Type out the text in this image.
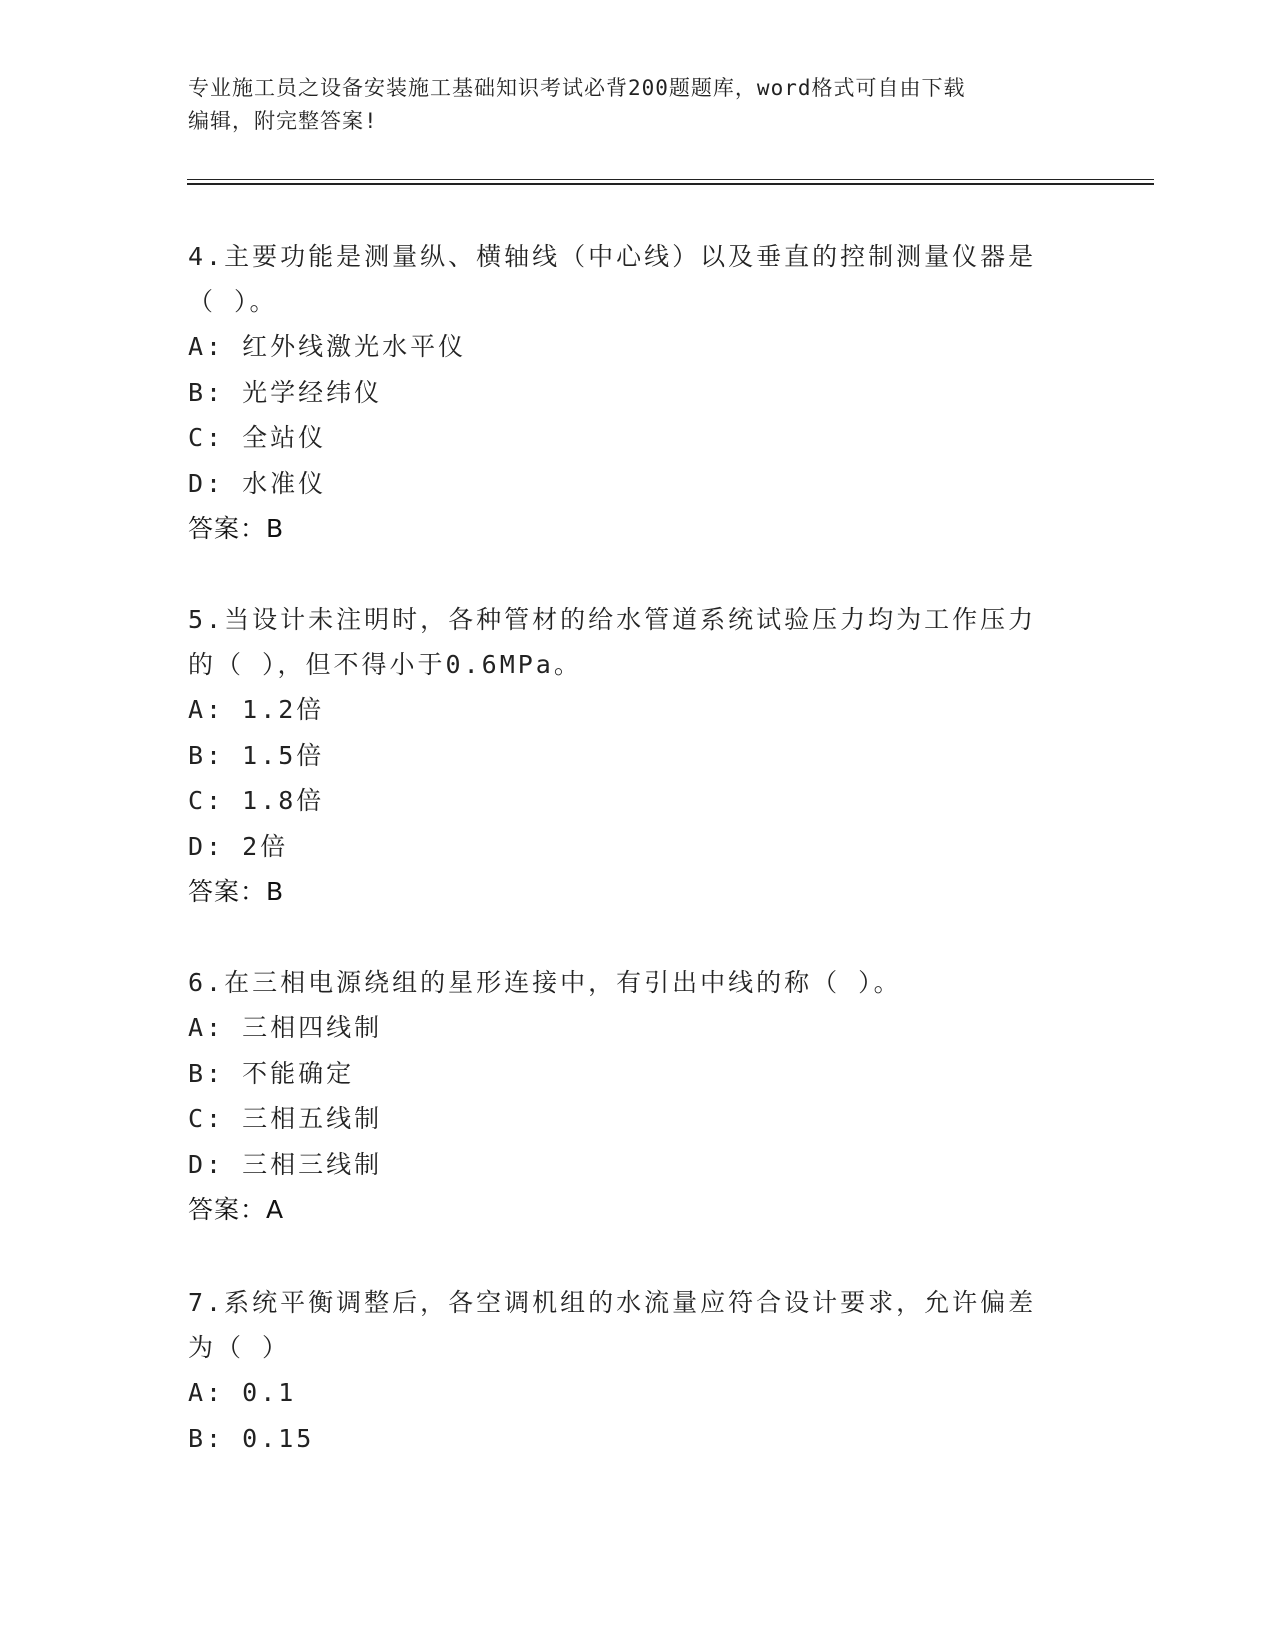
专业施工员之设备安装施工基础知识考试必背200题题库，word格式可自由下载
编辑，附完整答案!
4.主要功能是测量纵、横轴线（中心线）以及垂直的控制测量仪器是
（ ）。
A: 红外线激光水平仪
B: 光学经纬仪
C: 全站仪
D: 水准仪
答案：B
5.当设计未注明时，各种管材的给水管道系统试验压力均为工作压力
的（ ），但不得小于0.6MPa。
A: 1.2倍
B: 1.5倍
C: 1.8倍
D: 2倍
答案：B
6.在三相电源绕组的星形连接中，有引出中线的称（ ）。
A: 三相四线制
B: 不能确定
C: 三相五线制
D: 三相三线制
答案：A
7.系统平衡调整后，各空调机组的水流量应符合设计要求，允许偏差
为（ ）
A: 0.1
B: 0.15
